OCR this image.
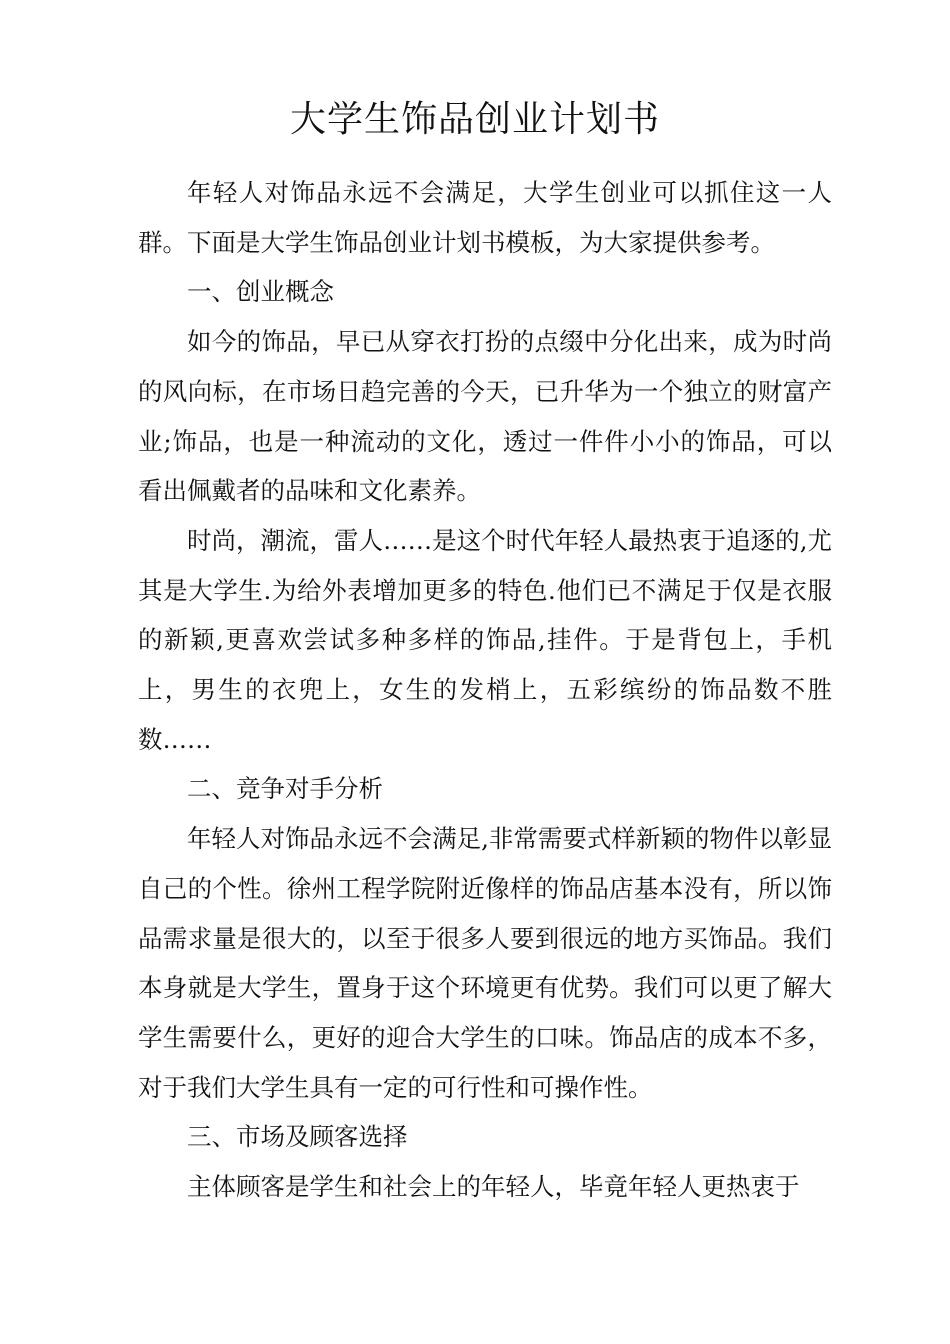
大学生饰品创业计划书

年轻人对饰品永远不会满足，大学生创业可以抓住这一人群。下面是大学生饰品创业计划书模板，为大家提供参考。

一、创业概念

如今的饰品，早已从穿衣打扮的点缀中分化出来，成为时尚的风向标，在市场日趋完善的今天，已升华为一个独立的财富产业;饰品，也是一种流动的文化，透过一件件小小的饰品，可以看出佩戴者的品味和文化素养。

时尚，潮流，雷人……是这个时代年轻人最热衷于追逐的,尤其是大学生.为给外表增加更多的特色.他们已不满足于仅是衣服的新颖,更喜欢尝试多种多样的饰品,挂件。于是背包上，手机上，男生的衣兜上，女生的发梢上，五彩缤纷的饰品数不胜数……

二、竞争对手分析

年轻人对饰品永远不会满足,非常需要式样新颖的物件以彰显自己的个性。徐州工程学院附近像样的饰品店基本没有，所以饰品需求量是很大的，以至于很多人要到很远的地方买饰品。我们本身就是大学生，置身于这个环境更有优势。我们可以更了解大学生需要什么，更好的迎合大学生的口味。饰品店的成本不多，对于我们大学生具有一定的可行性和可操作性。

三、市场及顾客选择

主体顾客是学生和社会上的年轻人，毕竟年轻人更热衷于
